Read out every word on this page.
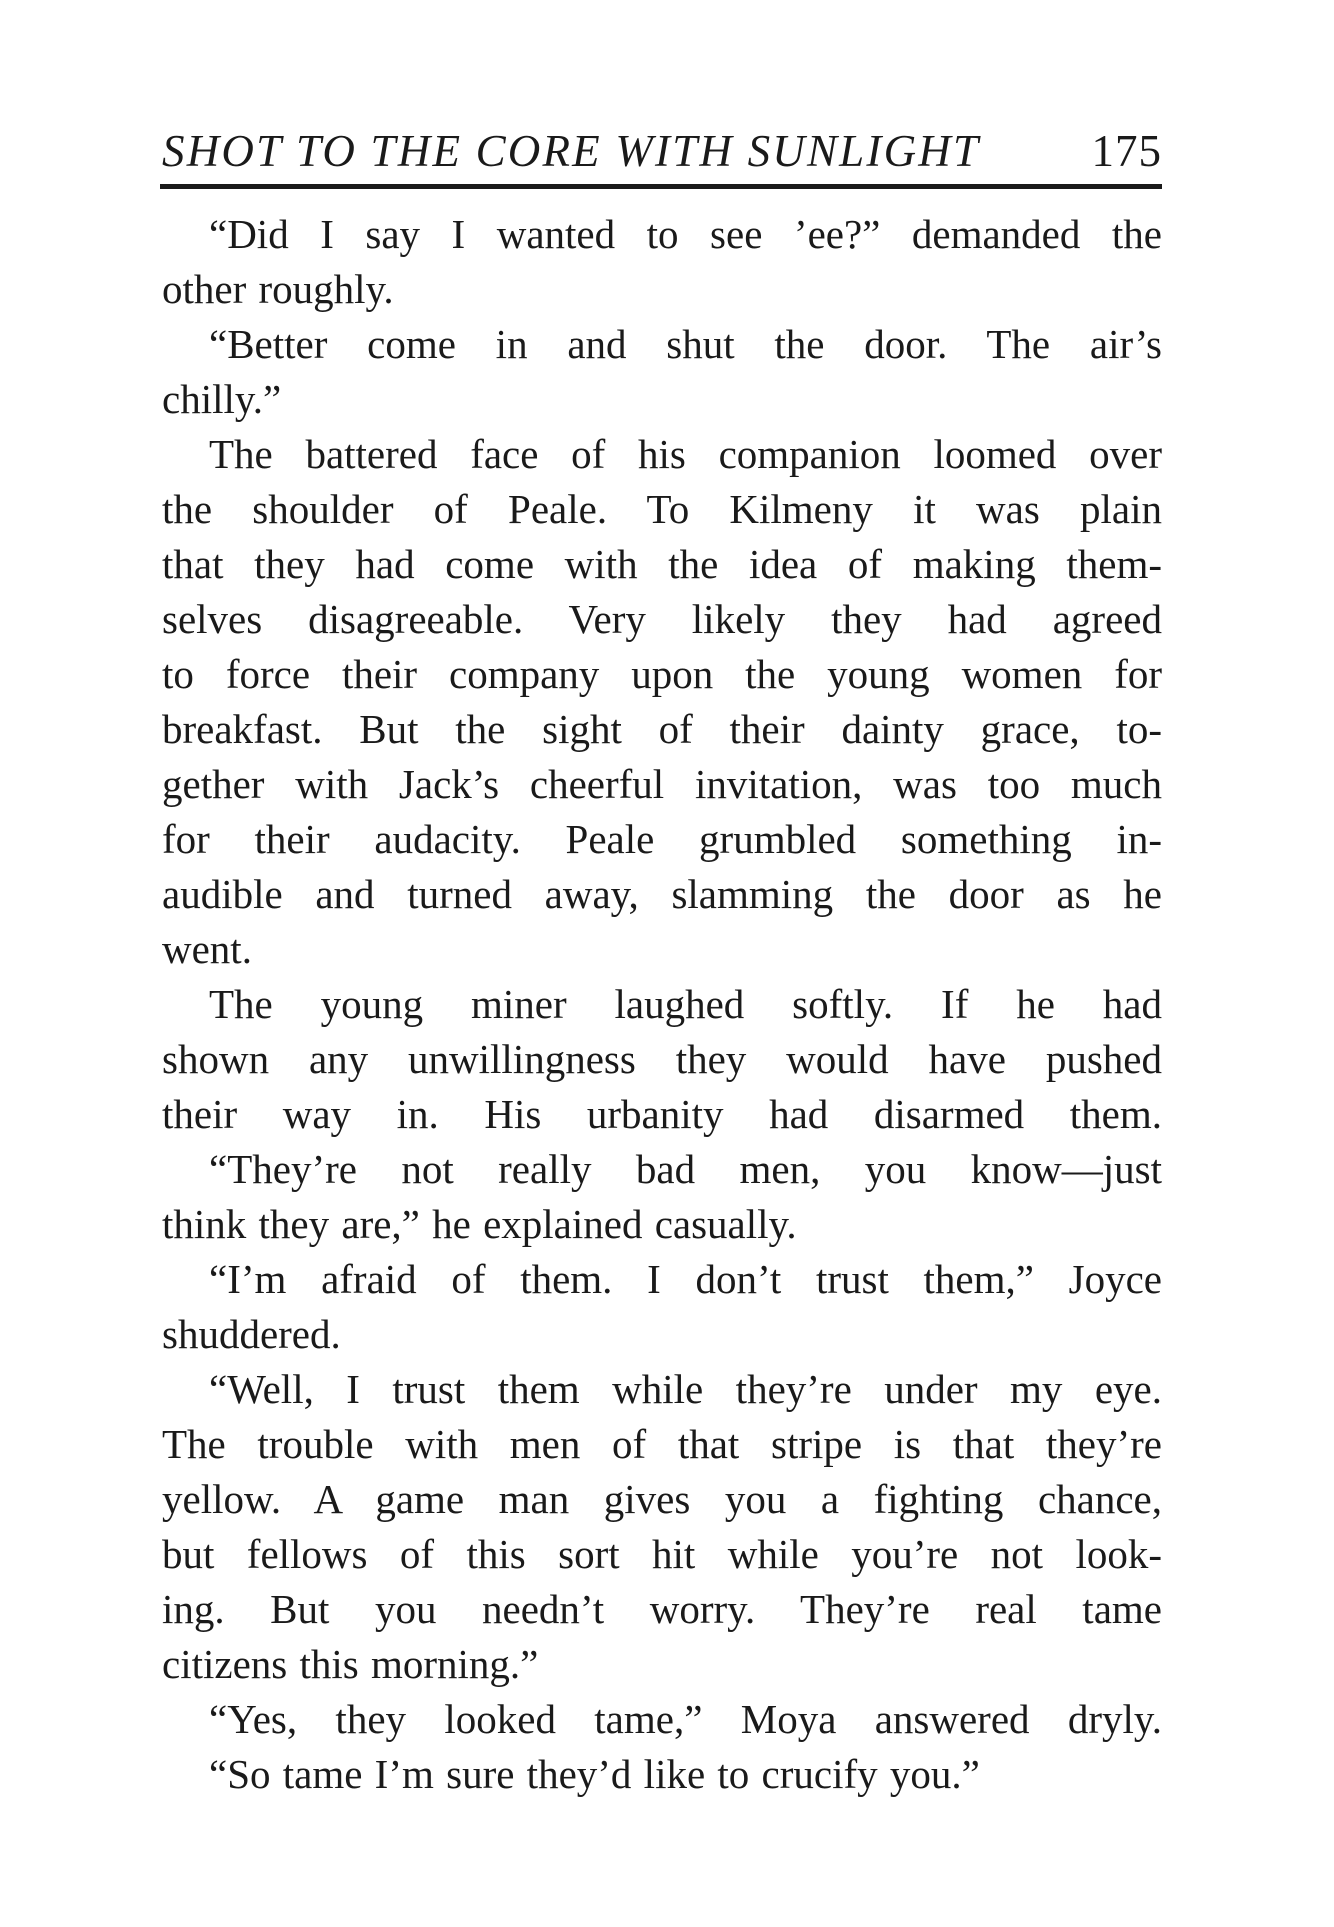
SHOT TO THE CORE WITH SUNLIGHT 175
“Did I say I wanted to see ’ee?” demanded the
other roughly.
“Better come in and shut the door. The air’s
chilly.”
The battered face of his companion loomed over
the shoulder of Peale. To Kilmeny it was plain
that they had come with the idea of making them-
selves disagreeable. Very likely they had agreed
to force their company upon the young women for
breakfast. But the sight of their dainty grace, to-
gether with Jack’s cheerful invitation, was too much
for their audacity. Peale grumbled something in-
audible and turned away, slamming the door as he
went.
The young miner laughed softly. If he had
shown any unwillingness they would have pushed
their way in. His urbanity had disarmed them.
“They’re not really bad men, you know—just
think they are,” he explained casually.
“I’m afraid of them. I don’t trust them,” Joyce
shuddered.
“Well, I trust them while they’re under my eye.
The trouble with men of that stripe is that they’re
yellow. A game man gives you a fighting chance,
but fellows of this sort hit while you’re not look-
ing. But you needn’t worry. They’re real tame
citizens this morning.”
“Yes, they looked tame,” Moya answered dryly.
“So tame I’m sure they’d like to crucify you.”
